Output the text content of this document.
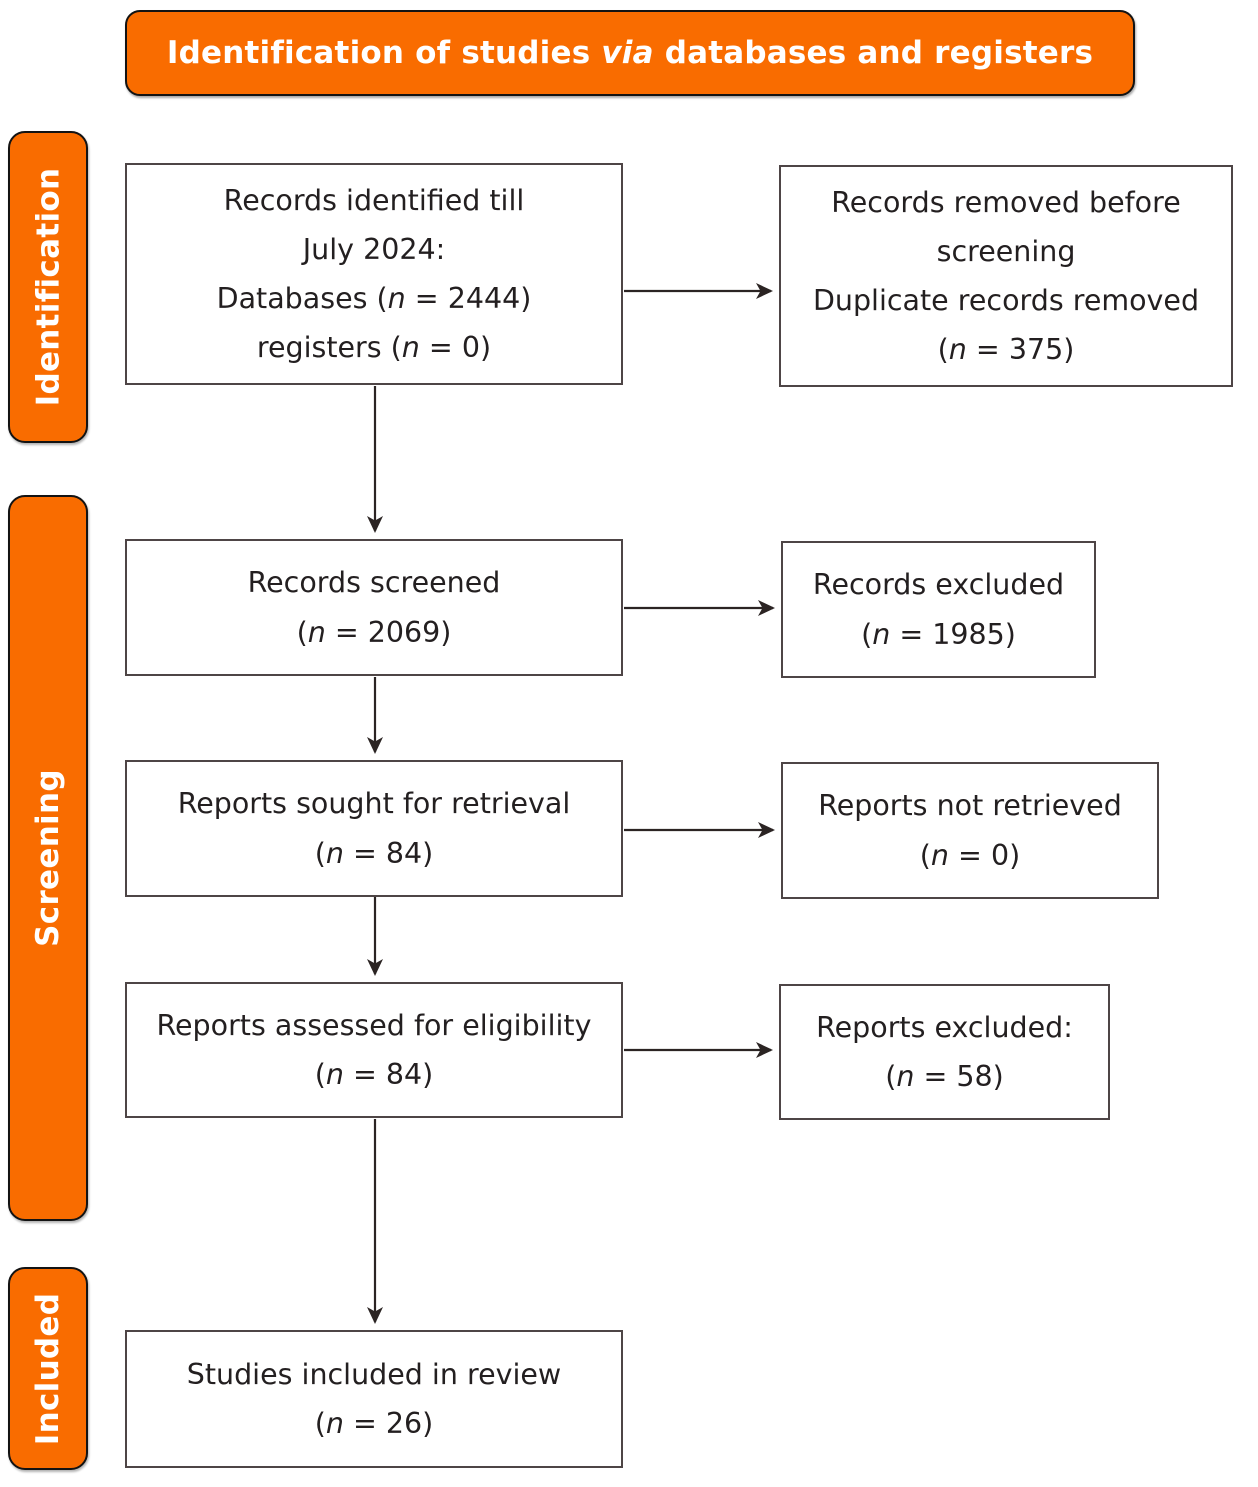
Identification of studies via databases and registers
Identification
Screening
Included
Records identified till
July 2024:
Databases (n = 2444)
registers (n = 0)
Records removed before
screening
Duplicate records removed
(n = 375)
Records screened
(n = 2069)
Records excluded
(n = 1985)
Reports sought for retrieval
(n = 84)
Reports not retrieved
(n = 0)
Reports assessed for eligibility
(n = 84)
Reports excluded:
(n = 58)
Studies included in review
(n = 26)
